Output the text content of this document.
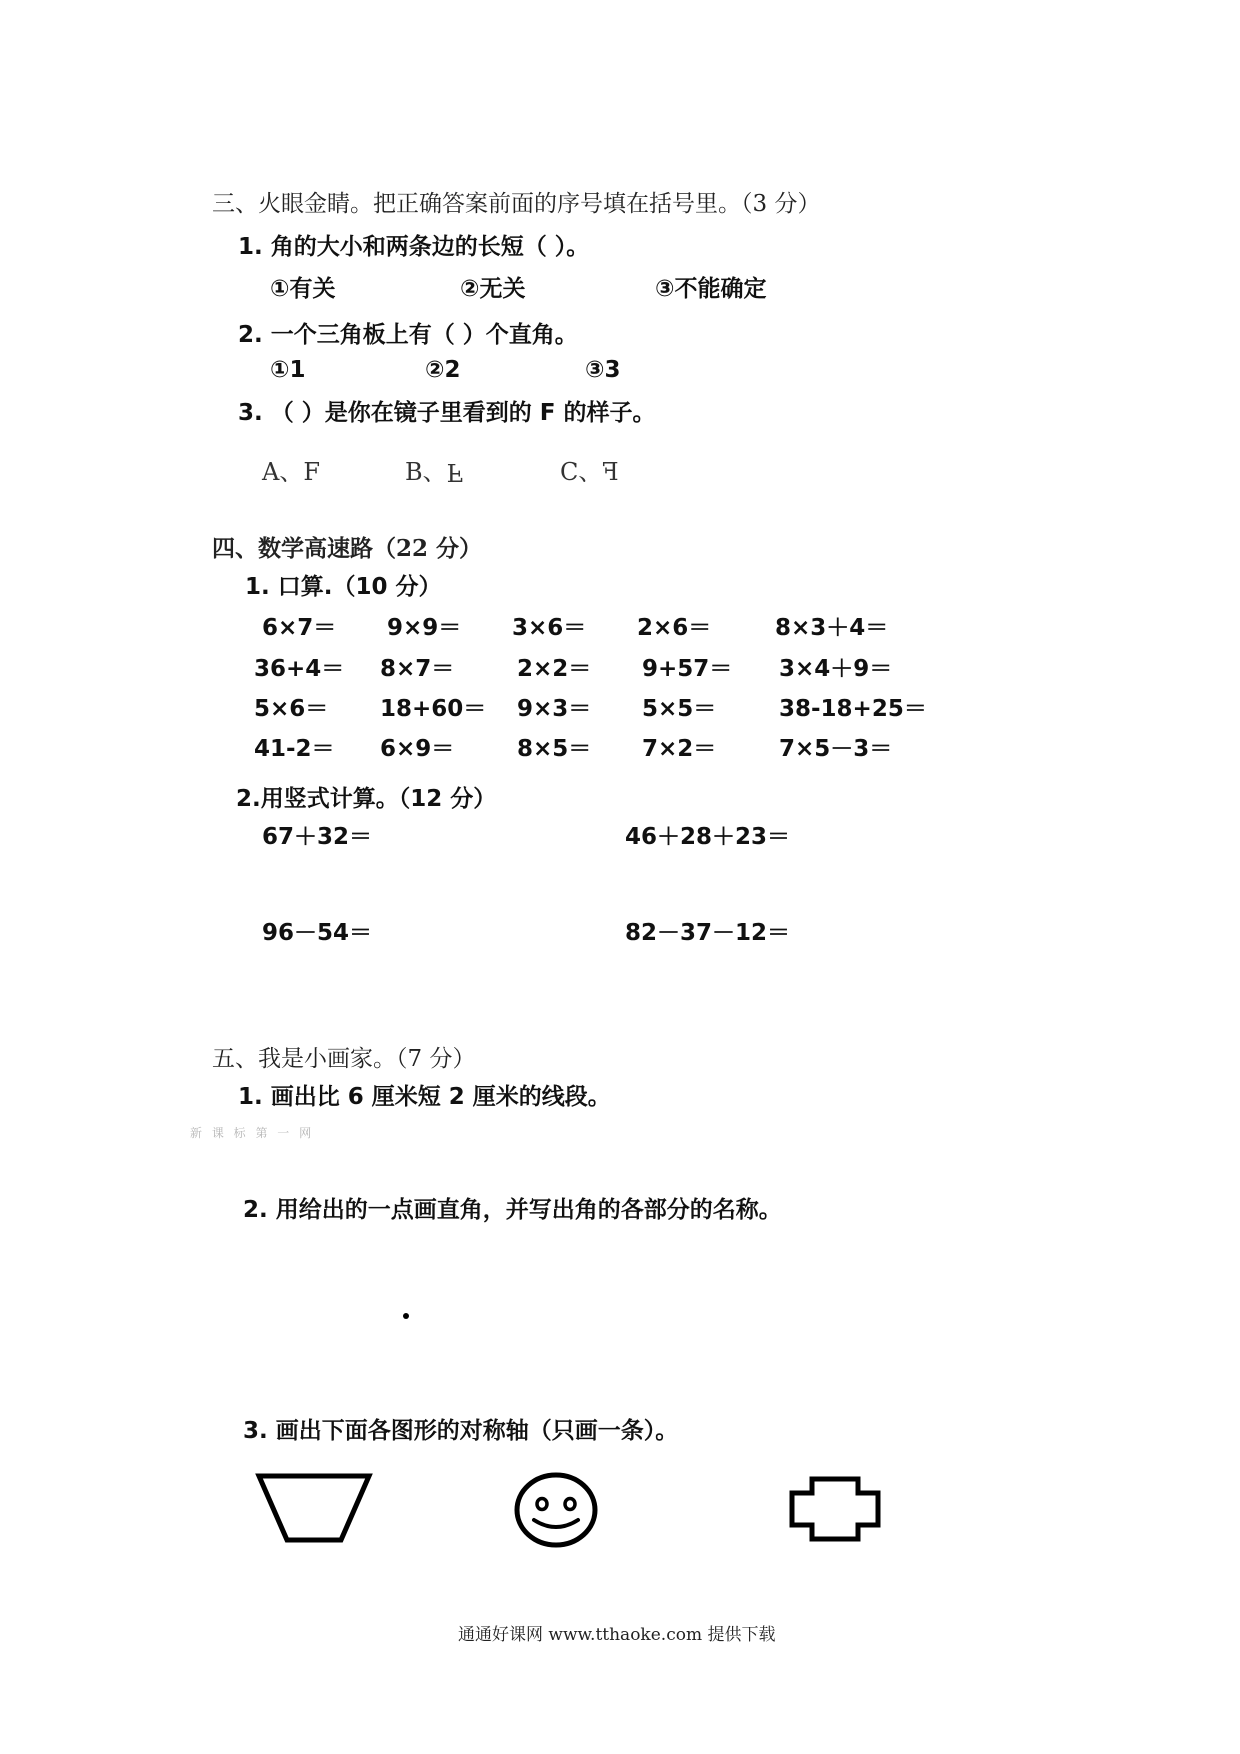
三、火眼金睛。把正确答案前面的序号填在括号里。（3 分）
1. 角的大小和两条边的长短（ ）。
①有关	②无关	③不能确定
2. 一个三角板上有（ ）个直角。
①1	②2	③3
3. （ ）是你在镜子里看到的 F 的样子。
A、F	B、F	C、F
四、数学高速路（22 分）
1. 口算.（10 分）
6×7＝ 9×9＝ 3×6＝ 2×6＝	8×3＋4＝
36+4＝ 8×7＝	2×2＝ 9+57＝ 3×4＋9＝
5×6＝ 18+60＝ 9×3＝ 5×5＝	38-18+25＝
41-2＝ 6×9＝	8×5＝ 7×2＝	7×5－3＝
2.用竖式计算。（12 分）
67＋32＝	46＋28＋23＝
96－54＝	82－37－12＝
五、我是小画家。（7 分）
1. 画出比 6 厘米短 2 厘米的线段。
新 课 标 第 一 网
2. 用给出的一点画直角，并写出角的各部分的名称。
3. 画出下面各图形的对称轴（只画一条）。
通通好课网 www.tthaoke.com 提供下载
